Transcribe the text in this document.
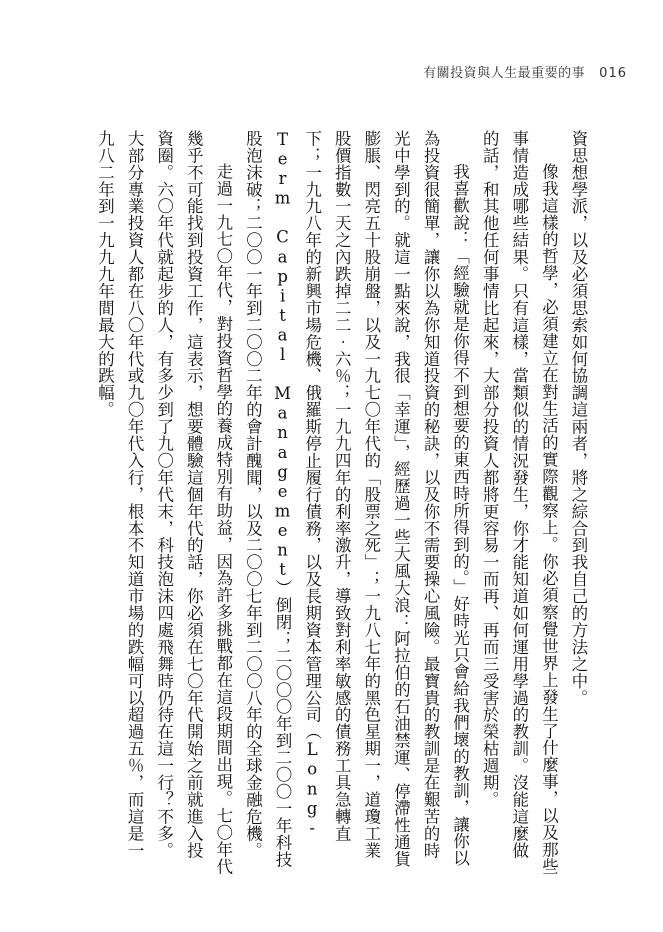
有關投資與人生最重要的事 016

資思想學派，以及必須思索如何協調這兩者，將之綜合到我自己的方法之中。

像我這樣的哲學，必須建立在對生活的實際觀察上。你必須察覺世界上發生了什麼事，以及那些事情造成哪些結果。只有這樣，當類似的情況發生，你才能知道如何運用學過的教訓。沒能這麼做的話，和其他任何事情比起來，大部分投資人都將更容易一而再、再而三受害於榮枯週期。

我喜歡說：「經驗就是你得不到想要的東西時所得到的。」好時光只會給我們壞的教訓，讓你以為投資很簡單，讓你以為你知道投資的秘訣，以及你不需要操心風險。最寶貴的教訓是在艱苦的時光中學到的。就這一點來說，我很「幸運」，經歷過一些大風大浪：阿拉伯的石油禁運、停滯性通貨膨脹、閃亮五十股崩盤，以及一九七〇年代的「股票之死」；一九八七年的黑色星期一，道瓊工業股價指數一天之內跌掉二二‧六％；一九九四年的利率激升，導致對利率敏感的債務工具急轉直下；一九九八年的新興市場危機、俄羅斯停止履行債務，以及長期資本管理公司（Long-Term Capital Management）倒閉；二〇〇〇年到二〇〇一年科技股泡沫破；二〇〇一年到二〇〇二年的會計醜聞，以及二〇〇七年到二〇〇八年的全球金融危機。

走過一九七〇年代，對投資哲學的養成特別有助益，因為許多挑戰都在這段期間出現。七〇年代幾乎不可能找到投資工作，這表示，想要體驗這個年代的話，你必須在七〇年代開始之前就進入投資圈。六〇年代就起步的人，有多少到了九〇年代末，科技泡沫四處飛舞時仍待在這一行？不多。大部分專業投資人都在八〇年代或九〇年代入行，根本不知道市場的跌幅可以超過五％，而這是一九八二年到一九九九年間最大的跌幅。
